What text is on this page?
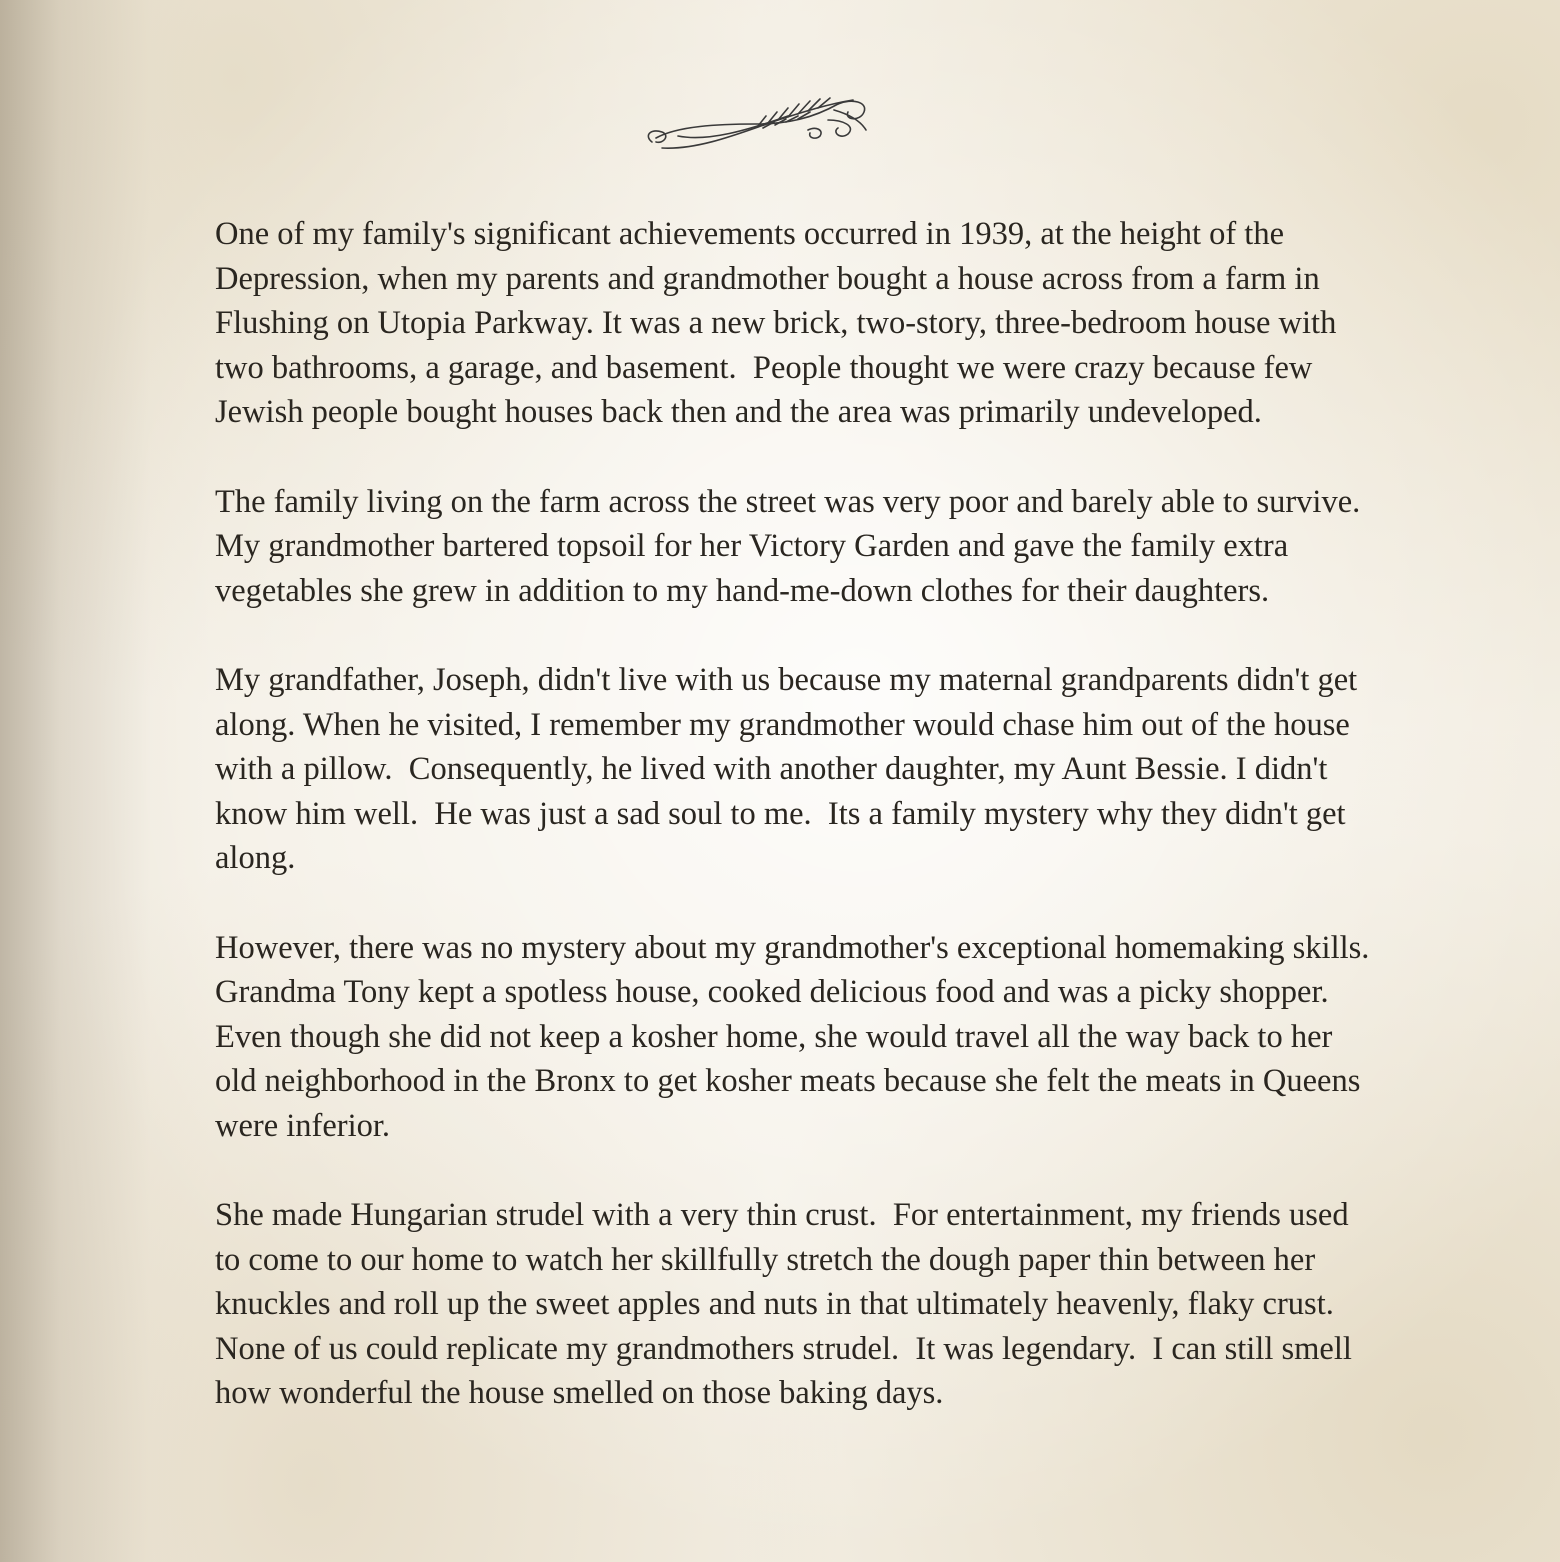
One of my family's significant achievements occurred in 1939, at the height of the
Depression, when my parents and grandmother bought a house across from a farm in
Flushing on Utopia Parkway. It was a new brick, two-story, three-bedroom house with
two bathrooms, a garage, and basement.  People thought we were crazy because few
Jewish people bought houses back then and the area was primarily undeveloped.

The family living on the farm across the street was very poor and barely able to survive.
My grandmother bartered topsoil for her Victory Garden and gave the family extra
vegetables she grew in addition to my hand-me-down clothes for their daughters.

My grandfather, Joseph, didn't live with us because my maternal grandparents didn't get
along. When he visited, I remember my grandmother would chase him out of the house
with a pillow.  Consequently, he lived with another daughter, my Aunt Bessie. I didn't
know him well.  He was just a sad soul to me.  Its a family mystery why they didn't get
along.

However, there was no mystery about my grandmother's exceptional homemaking skills.
Grandma Tony kept a spotless house, cooked delicious food and was a picky shopper.
Even though she did not keep a kosher home, she would travel all the way back to her
old neighborhood in the Bronx to get kosher meats because she felt the meats in Queens
were inferior.

She made Hungarian strudel with a very thin crust.  For entertainment, my friends used
to come to our home to watch her skillfully stretch the dough paper thin between her
knuckles and roll up the sweet apples and nuts in that ultimately heavenly, flaky crust.
None of us could replicate my grandmothers strudel.  It was legendary.  I can still smell
how wonderful the house smelled on those baking days.
